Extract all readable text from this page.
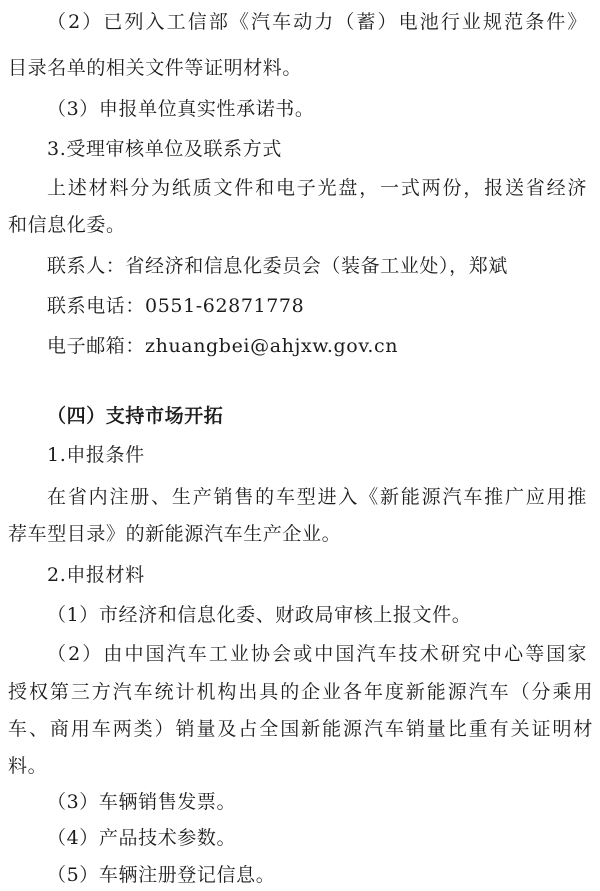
（2）已列入工信部《汽车动力（蓄）电池行业规范条件》
目录名单的相关文件等证明材料。
（3）申报单位真实性承诺书。
3.受理审核单位及联系方式
上述材料分为纸质文件和电子光盘，一式两份，报送省经济
和信息化委。
联系人：省经济和信息化委员会（装备工业处），郑斌
联系电话：0551-62871778
电子邮箱：zhuangbei@ahjxw.gov.cn
（四）支持市场开拓
1.申报条件
在省内注册、生产销售的车型进入《新能源汽车推广应用推
荐车型目录》的新能源汽车生产企业。
2.申报材料
（1）市经济和信息化委、财政局审核上报文件。
（2）由中国汽车工业协会或中国汽车技术研究中心等国家
授权第三方汽车统计机构出具的企业各年度新能源汽车（分乘用
车、商用车两类）销量及占全国新能源汽车销量比重有关证明材
料。
（3）车辆销售发票。
（4）产品技术参数。
（5）车辆注册登记信息。
